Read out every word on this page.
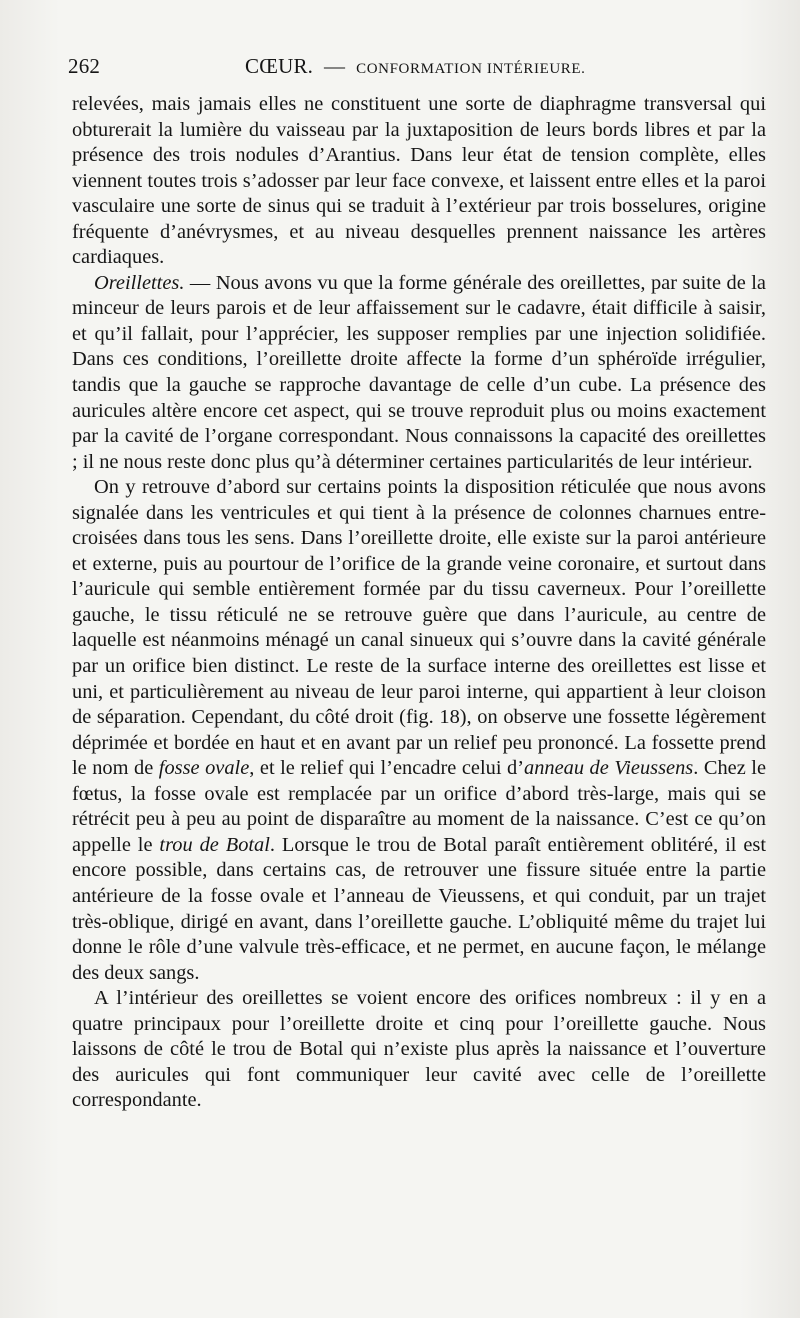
262	CŒUR. — CONFORMATION INTÉRIEURE.

relevées, mais jamais elles ne constituent une sorte de diaphragme transversal qui obturerait la lumière du vaisseau par la juxtaposition de leurs bords libres et par la présence des trois nodules d’Arantius. Dans leur état de tension complète, elles viennent toutes trois s’adosser par leur face convexe, et laissent entre elles et la paroi vasculaire une sorte de sinus qui se traduit à l’extérieur par trois bosselures, origine fréquente d’anévrysmes, et au niveau desquelles prennent naissance les artères cardiaques.

Oreillettes. — Nous avons vu que la forme générale des oreillettes, par suite de la minceur de leurs parois et de leur affaissement sur le cadavre, était difficile à saisir, et qu’il fallait, pour l’apprécier, les supposer remplies par une injection solidifiée. Dans ces conditions, l’oreillette droite affecte la forme d’un sphéroïde irrégulier, tandis que la gauche se rapproche davantage de celle d’un cube. La présence des auricules altère encore cet aspect, qui se trouve reproduit plus ou moins exactement par la cavité de l’organe correspondant. Nous connaissons la capacité des oreillettes ; il ne nous reste donc plus qu’à déterminer certaines particularités de leur intérieur.

On y retrouve d’abord sur certains points la disposition réticulée que nous avons signalée dans les ventricules et qui tient à la présence de colonnes charnues entre-croisées dans tous les sens. Dans l’oreillette droite, elle existe sur la paroi antérieure et externe, puis au pourtour de l’orifice de la grande veine coronaire, et surtout dans l’auricule qui semble entièrement formée par du tissu caverneux. Pour l’oreillette gauche, le tissu réticulé ne se retrouve guère que dans l’auricule, au centre de laquelle est néanmoins ménagé un canal sinueux qui s’ouvre dans la cavité générale par un orifice bien distinct. Le reste de la surface interne des oreillettes est lisse et uni, et particulièrement au niveau de leur paroi interne, qui appartient à leur cloison de séparation. Cependant, du côté droit (fig. 18), on observe une fossette légèrement déprimée et bordée en haut et en avant par un relief peu prononcé. La fossette prend le nom de fosse ovale, et le relief qui l’encadre celui d’anneau de Vieussens. Chez le fœtus, la fosse ovale est remplacée par un orifice d’abord très-large, mais qui se rétrécit peu à peu au point de disparaître au moment de la naissance. C’est ce qu’on appelle le trou de Botal. Lorsque le trou de Botal paraît entièrement oblitéré, il est encore possible, dans certains cas, de retrouver une fissure située entre la partie antérieure de la fosse ovale et l’anneau de Vieussens, et qui conduit, par un trajet très-oblique, dirigé en avant, dans l’oreillette gauche. L’obliquité même du trajet lui donne le rôle d’une valvule très-efficace, et ne permet, en aucune façon, le mélange des deux sangs.

A l’intérieur des oreillettes se voient encore des orifices nombreux : il y en a quatre principaux pour l’oreillette droite et cinq pour l’oreillette gauche. Nous laissons de côté le trou de Botal qui n’existe plus après la naissance et l’ouverture des auricules qui font communiquer leur cavité avec celle de l’oreillette correspondante.
